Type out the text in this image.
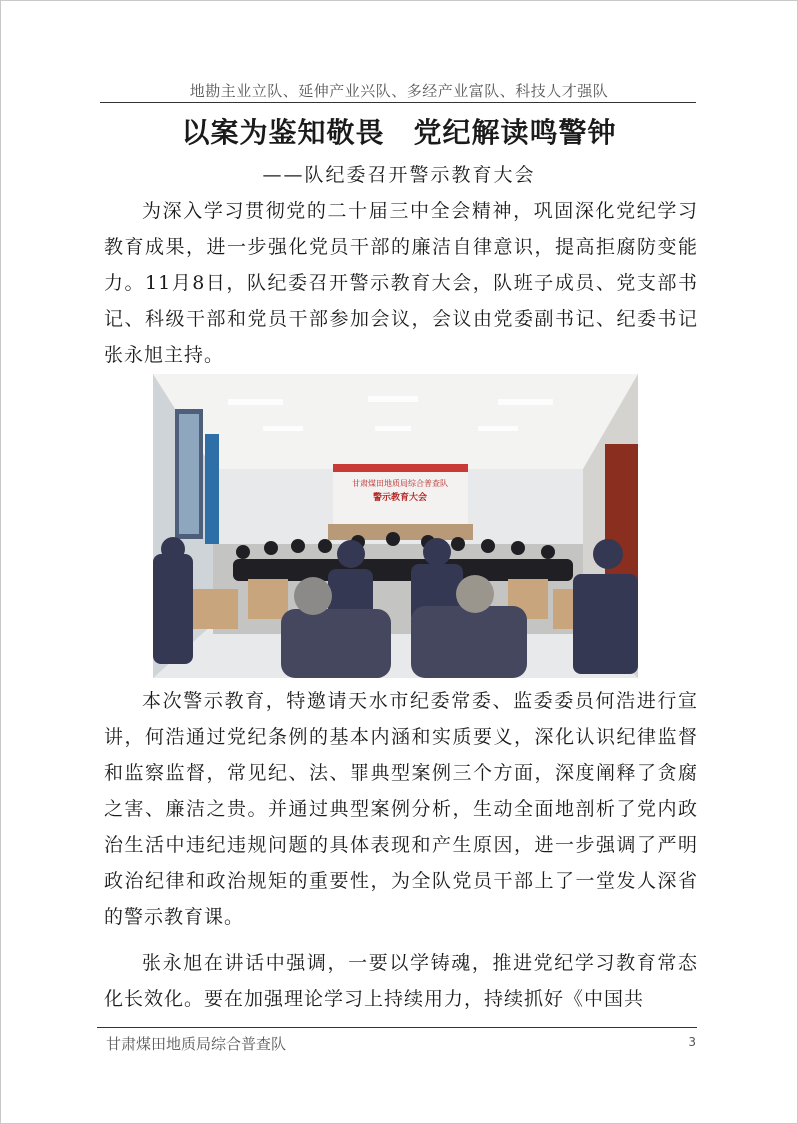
地勘主业立队、延伸产业兴队、多经产业富队、科技人才强队
以案为鉴知敬畏　党纪解读鸣警钟
——队纪委召开警示教育大会

为深入学习贯彻党的二十届三中全会精神，巩固深化党纪学习教育成果，进一步强化党员干部的廉洁自律意识，提高拒腐防变能力。11月8日，队纪委召开警示教育大会，队班子成员、党支部书记、科级干部和党员干部参加会议，会议由党委副书记、纪委书记张永旭主持。

甘肃煤田地质局综合普查队
警示教育大会

本次警示教育，特邀请天水市纪委常委、监委委员何浩进行宣讲，何浩通过党纪条例的基本内涵和实质要义，深化认识纪律监督和监察监督，常见纪、法、罪典型案例三个方面，深度阐释了贪腐之害、廉洁之贵。并通过典型案例分析，生动全面地剖析了党内政治生活中违纪违规问题的具体表现和产生原因，进一步强调了严明政治纪律和政治规矩的重要性，为全队党员干部上了一堂发人深省的警示教育课。

张永旭在讲话中强调，一要以学铸魂，推进党纪学习教育常态化长效化。要在加强理论学习上持续用力，持续抓好《中国共

甘肃煤田地质局综合普查队	3
